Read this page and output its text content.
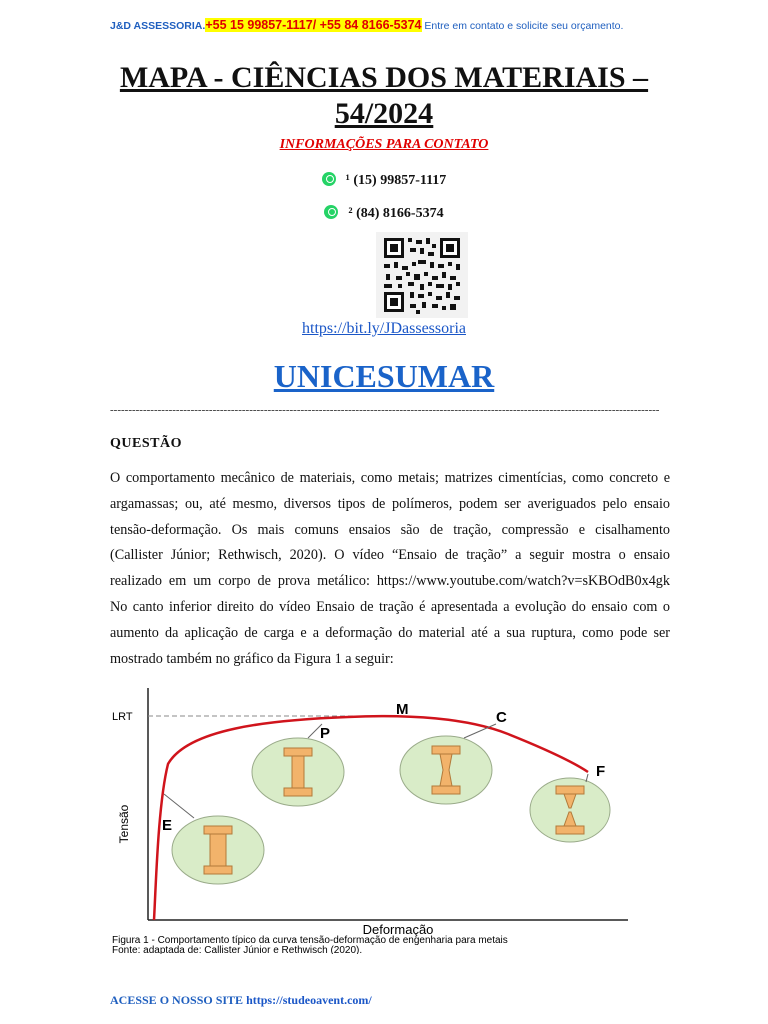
J&D ASSESSORIA.+55 15 99857-1117/ +55 84 8166-5374 Entre em contato e solicite seu orçamento.
MAPA - CIÊNCIAS DOS MATERIAIS –
54/2024
INFORMAÇÕES PARA CONTATO
¹ (15) 99857-1117
² (84) 8166-5374
https://bit.ly/JDassessoria
UNICESUMAR
------------------------------------------------------------------------------------------------------------------------------------------------------
QUESTÃO
O comportamento mecânico de materiais, como metais; matrizes cimentícias, como concreto e
argamassas; ou, até mesmo, diversos tipos de polímeros, podem ser averiguados pelo ensaio
tensão-deformação. Os mais comuns ensaios são de tração, compressão e cisalhamento
(Callister Júnior; Rethwisch, 2020). O vídeo “Ensaio de tração” a seguir mostra o ensaio
realizado em um corpo de prova metálico: https://www.youtube.com/watch?v=sKBOdB0x4gk
No canto inferior direito do vídeo Ensaio de tração é apresentada a evolução do ensaio com o
aumento da aplicação de carga e a deformação do material até a sua ruptura, como pode ser
mostrado também no gráfico da Figura 1 a seguir:
LRT
Tensão
Deformação
E
P
M	C
F
Figura 1 - Comportamento típico da curva tensão-deformação de engenharia para metais
Fonte: adaptada de: Callister Júnior e Rethwisch (2020).
ACESSE O NOSSO SITE https://studeoavent.com/
